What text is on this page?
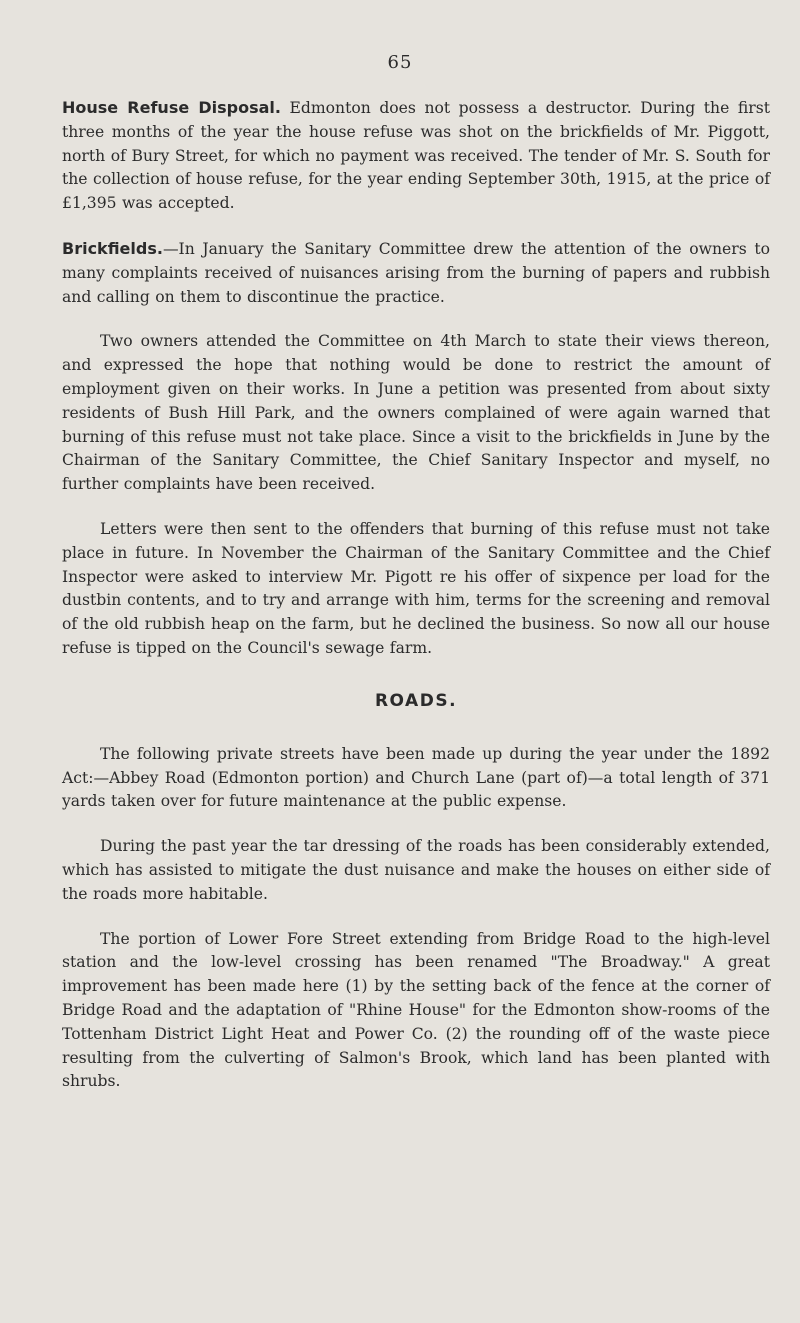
65

House Refuse Disposal. Edmonton does not possess a destructor. During the first three months of the year the house refuse was shot on the brickfields of Mr. Piggott, north of Bury Street, for which no payment was received. The tender of Mr. S. South for the collection of house refuse, for the year ending September 30th, 1915, at the price of £1,395 was accepted.

Brickfields.—In January the Sanitary Committee drew the attention of the owners to many complaints received of nuisances arising from the burning of papers and rubbish and calling on them to discontinue the practice.

Two owners attended the Committee on 4th March to state their views thereon, and expressed the hope that nothing would be done to restrict the amount of employment given on their works. In June a petition was presented from about sixty residents of Bush Hill Park, and the owners complained of were again warned that burning of this refuse must not take place. Since a visit to the brickfields in June by the Chairman of the Sanitary Committee, the Chief Sanitary Inspector and myself, no further complaints have been received.

Letters were then sent to the offenders that burning of this refuse must not take place in future. In November the Chairman of the Sanitary Committee and the Chief Inspector were asked to interview Mr. Pigott re his offer of sixpence per load for the dustbin contents, and to try and arrange with him, terms for the screening and removal of the old rubbish heap on the farm, but he declined the business. So now all our house refuse is tipped on the Council's sewage farm.

ROADS.

The following private streets have been made up during the year under the 1892 Act:—Abbey Road (Edmonton portion) and Church Lane (part of)—a total length of 371 yards taken over for future maintenance at the public expense.

During the past year the tar dressing of the roads has been considerably extended, which has assisted to mitigate the dust nuisance and make the houses on either side of the roads more habitable.

The portion of Lower Fore Street extending from Bridge Road to the high-level station and the low-level crossing has been renamed "The Broadway." A great improvement has been made here (1) by the setting back of the fence at the corner of Bridge Road and the adaptation of "Rhine House" for the Edmonton show-rooms of the Tottenham District Light Heat and Power Co. (2) the rounding off of the waste piece resulting from the culverting of Salmon's Brook, which land has been planted with shrubs.
